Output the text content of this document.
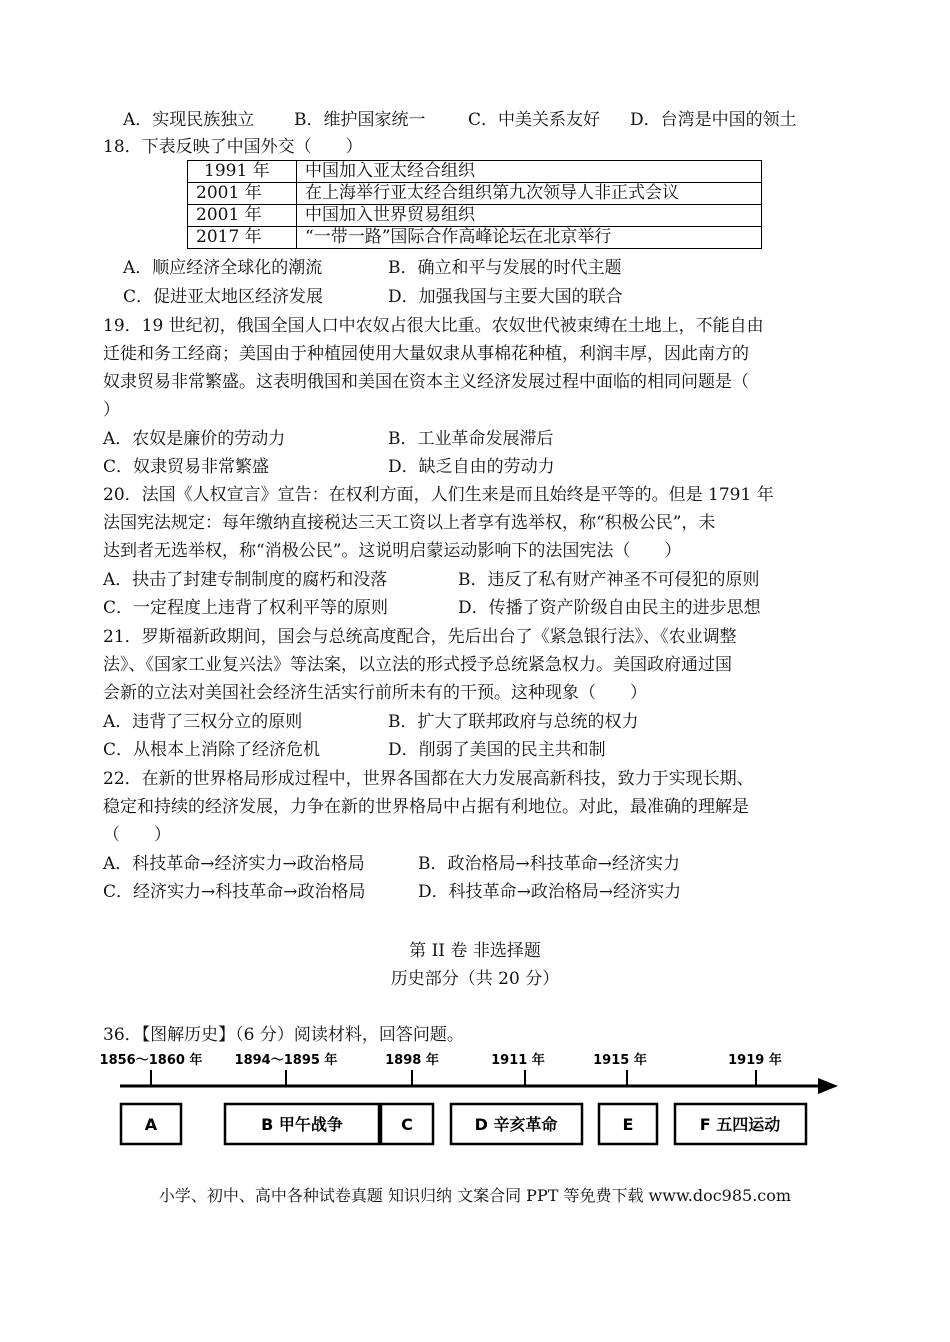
A．实现民族独立 B．维护国家统一	C．中美关系友好 D．台湾是中国的领土
18．下表反映了中国外交（　　）
1991 年	中国加入亚太经合组织
2001 年	在上海举行亚太经合组织第九次领导人非正式会议
2001 年	中国加入世界贸易组织
2017 年	“一带一路”国际合作高峰论坛在北京举行
A．顺应经济全球化的潮流	B．确立和平与发展的时代主题
C．促进亚太地区经济发展	D．加强我国与主要大国的联合
19．19 世纪初，俄国全国人口中农奴占很大比重。农奴世代被束缚在土地上，不能自由
迁徙和务工经商；美国由于种植园使用大量奴隶从事棉花种植，利润丰厚，因此南方的
奴隶贸易非常繁盛。这表明俄国和美国在资本主义经济发展过程中面临的相同问题是（
）
A．农奴是廉价的劳动力	B．工业革命发展滞后
C．奴隶贸易非常繁盛	D．缺乏自由的劳动力
20．法国《人权宣言》宣告：在权利方面，人们生来是而且始终是平等的。但是 1791 年
法国宪法规定：每年缴纳直接税达三天工资以上者享有选举权，称“积极公民”，未
达到者无选举权，称“消极公民”。这说明启蒙运动影响下的法国宪法（　　）
A．抉击了封建专制制度的腐朽和没落	B．违反了私有财产神圣不可侵犯的原则
C．一定程度上违背了权利平等的原则	D．传播了资产阶级自由民主的进步思想
21．罗斯福新政期间，国会与总统高度配合，先后出台了《紧急银行法》、《农业调整
法》、《国家工业复兴法》等法案，以立法的形式授予总统紧急权力。美国政府通过国
会新的立法对美国社会经济生活实行前所未有的干预。这种现象（　　）
A．违背了三权分立的原则	B．扩大了联邦政府与总统的权力
C．从根本上消除了经济危机	D．削弱了美国的民主共和制
22．在新的世界格局形成过程中，世界各国都在大力发展高新科技，致力于实现长期、
稳定和持续的经济发展，力争在新的世界格局中占据有利地位。对此，最准确的理解是
（　　）
A．科技革命→经济实力→政治格局	B．政治格局→科技革命→经济实力
C．经济实力→科技革命→政治格局	D．科技革命→政治格局→经济实力
第 II 卷 非选择题
历史部分（共 20 分）
36．【图解历史】（6 分）阅读材料，回答问题。
1856～1860 年 1894～1895 年	1898 年	1911 年	1915 年	1919 年
A	B 甲午战争	C	D 辛亥革命	E	F 五四运动
小学、初中、高中各种试卷真题 知识归纳 文案合同 PPT 等免费下载 www.doc985.com
